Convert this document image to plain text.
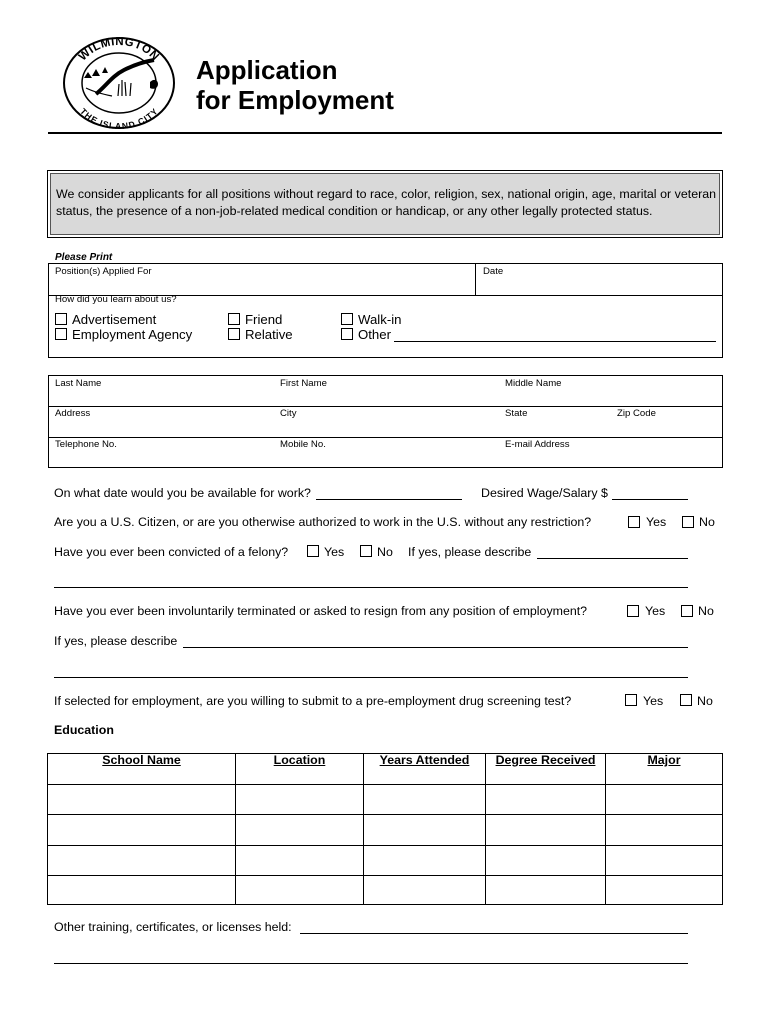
WILMINGTON
THE ISLAND CITY
Application
for Employment

We consider applicants for all positions without regard to race, color, religion, sex, national origin, age, marital or veteran status, the presence of a non-job-related medical condition or handicap, or any other legally protected status.

Please Print
Position(s) Applied For	Date
How did you learn about us?
Advertisement
Employment Agency
Friend
Relative
Walk-in
Other
Last Name	First Name	Middle Name
Address	City	State	Zip Code
Telephone No.	Mobile No.	E-mail Address
On what date would you be available for work?	Desired Wage/Salary $
Are you a U.S. Citizen, or are you otherwise authorized to work in the U.S. without any restriction?	Yes	No
Have you ever been convicted of a felony?	Yes	No If yes, please describe
Have you ever been involuntarily terminated or asked to resign from any position of employment?	Yes	No
If yes, please describe
If selected for employment, are you willing to submit to a pre-employment drug screening test?	Yes	No
Education
School Name	Location	Years Attended	Degree Received	Major
Other training, certificates, or licenses held:
